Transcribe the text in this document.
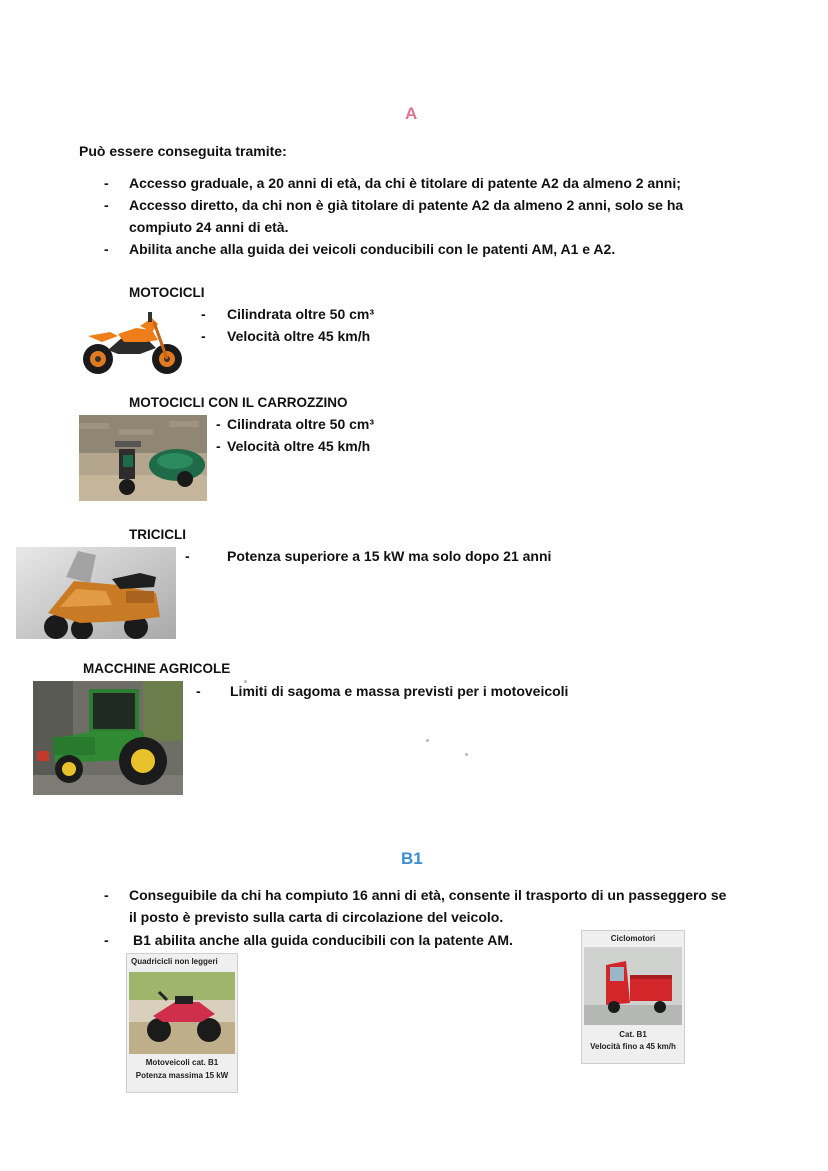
A
Può essere conseguita tramite:
- Accesso graduale, a 20 anni di età, da chi è titolare di patente A2 da almeno 2 anni;
- Accesso diretto, da chi non è già titolare di patente A2 da almeno 2 anni, solo se ha
compiuto 24 anni di età.
- Abilita anche alla guida dei veicoli conducibili con le patenti AM, A1 e A2.
MOTOCICLI
- Cilindrata oltre 50 cm³
- Velocità oltre 45 km/h
MOTOCICLI CON IL CARROZZINO
- Cilindrata oltre 50 cm³
- Velocità oltre 45 km/h
TRICICLI
-	Potenza superiore a 15 kW ma solo dopo 21 anni
MACCHINE AGRICOLE
- Limiti di sagoma e massa previsti per i motoveicoli
B1
- Conseguibile da chi ha compiuto 16 anni di età, consente il trasporto di un passeggero se
il posto è previsto sulla carta di circolazione del veicolo.
- B1 abilita anche alla guida conducibili con la patente AM.
Quadricicli non leggeri
Motoveicoli cat. B1
Potenza massima 15 kW
Ciclomotori
Cat. B1
Velocità fino a 45 km/h
